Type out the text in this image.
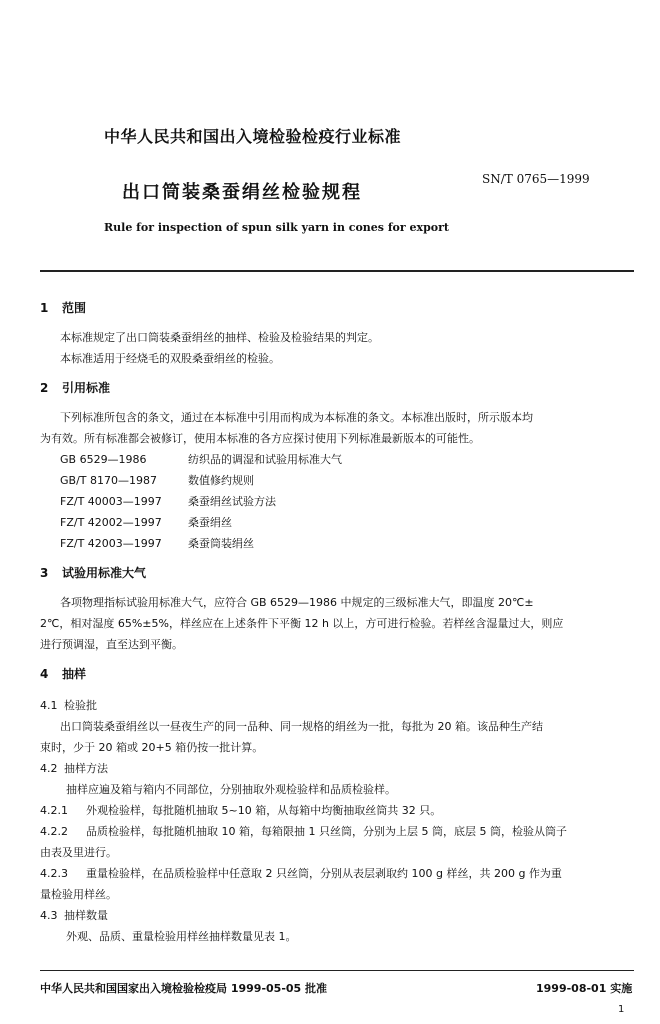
中华人民共和国出入境检验检疫行业标准
SN/T 0765—1999
出口筒装桑蚕绢丝检验规程
Rule for inspection of spun silk yarn in cones for export
1 范围
本标准规定了出口筒装桑蚕绢丝的抽样、检验及检验结果的判定。
本标准适用于经烧毛的双股桑蚕绢丝的检验。
2 引用标准
下列标准所包含的条文，通过在本标准中引用而构成为本标准的条文。本标准出版时，所示版本均
为有效。所有标准都会被修订，使用本标准的各方应探讨使用下列标准最新版本的可能性。
GB 6529—1986	纺织品的调湿和试验用标准大气
GB/T 8170—1987	数值修约规则
FZ/T 40003—1997 桑蚕绢丝试验方法
FZ/T 42002—1997 桑蚕绢丝
FZ/T 42003—1997 桑蚕筒装绢丝
3 试验用标准大气
各项物理指标试验用标准大气，应符合 GB 6529—1986 中规定的三级标准大气，即温度 20℃±
2℃，相对湿度 65%±5%，样丝应在上述条件下平衡 12 h 以上，方可进行检验。若样丝含湿量过大，则应
进行预调湿，直至达到平衡。
4 抽样
4.1 检验批
出口筒装桑蚕绢丝以一昼夜生产的同一品种、同一规格的绢丝为一批，每批为 20 箱。该品种生产结
束时，少于 20 箱或 20+5 箱仍按一批计算。
4.2 抽样方法
抽样应遍及箱与箱内不同部位，分别抽取外观检验样和品质检验样。
4.2.1 外观检验样，每批随机抽取 5~10 箱，从每箱中均衡抽取丝筒共 32 只。
4.2.2 品质检验样，每批随机抽取 10 箱，每箱限抽 1 只丝筒，分别为上层 5 筒，底层 5 筒，检验从筒子
由表及里进行。
4.2.3 重量检验样，在品质检验样中任意取 2 只丝筒，分别从表层剥取约 100 g 样丝，共 200 g 作为重
量检验用样丝。
4.3 抽样数量
外观、品质、重量检验用样丝抽样数量见表 1。
中华人民共和国国家出入境检验检疫局 1999-05-05 批准	1999-08-01 实施
1
